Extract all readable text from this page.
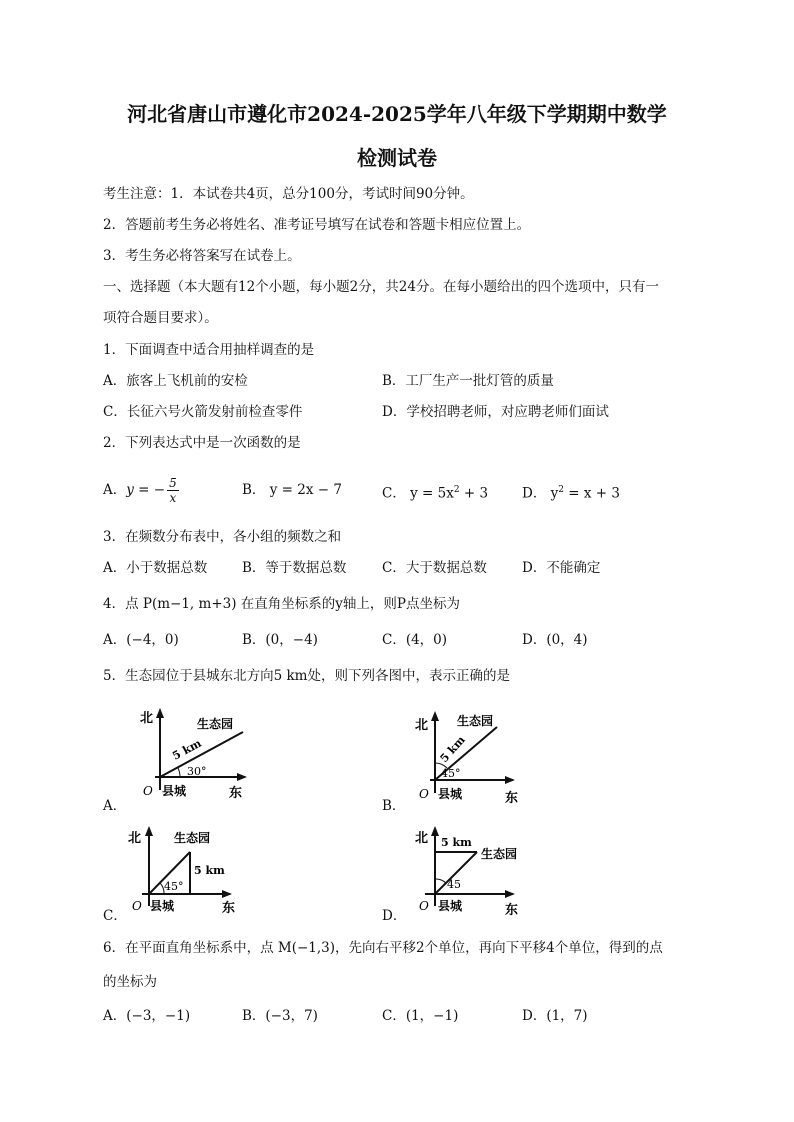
河北省唐山市遵化市2024-2025学年八年级下学期期中数学
检测试卷
考生注意：1．本试卷共4页，总分100分，考试时间90分钟。
2．答题前考生务必将姓名、准考证号填写在试卷和答题卡相应位置上。
3．考生务必将答案写在试卷上。
一、选择题（本大题有12个小题，每小题2分，共24分。在每小题给出的四个选项中，只有一
项符合题目要求）。
1．下面调查中适合用抽样调查的是
A．旅客上飞机前的安检	B．工厂生产一批灯管的质量
C．长征六号火箭发射前检查零件	D．学校招聘老师，对应聘老师们面试
2．下列表达式中是一次函数的是
A．y = − $\frac{5}{x}$	B． y = 2x − 7	C． $y = 5x^2 + 3$	D． $y^2 = x + 3$
3．在频数分布表中，各小组的频数之和
A．小于数据总数	B．等于数据总数	C．大于数据总数	D．不能确定
4．点 P(m−1, m+3) 在直角坐标系的y轴上，则P点坐标为
A．(−4，0)	B．(0，−4)	C．(4，0)	D．(0，4)
5．生态园位于县城东北方向5 km处，则下列各图中，表示正确的是
A．
北	生态园
5 km
30°
O 县城	东
B．
北 生态园
5 km
45°
O 县城	东
C．
北	生态园
5 km
45°
O 县城	东	D．
北 5 km
生态园
45
O 县城	东
6．在平面直角坐标系中，点 M(−1,3)，先向右平移2个单位，再向下平移4个单位，得到的点
的坐标为
A．(−3，−1)	B．(−3，7)	C．(1，−1)	D．(1，7)
